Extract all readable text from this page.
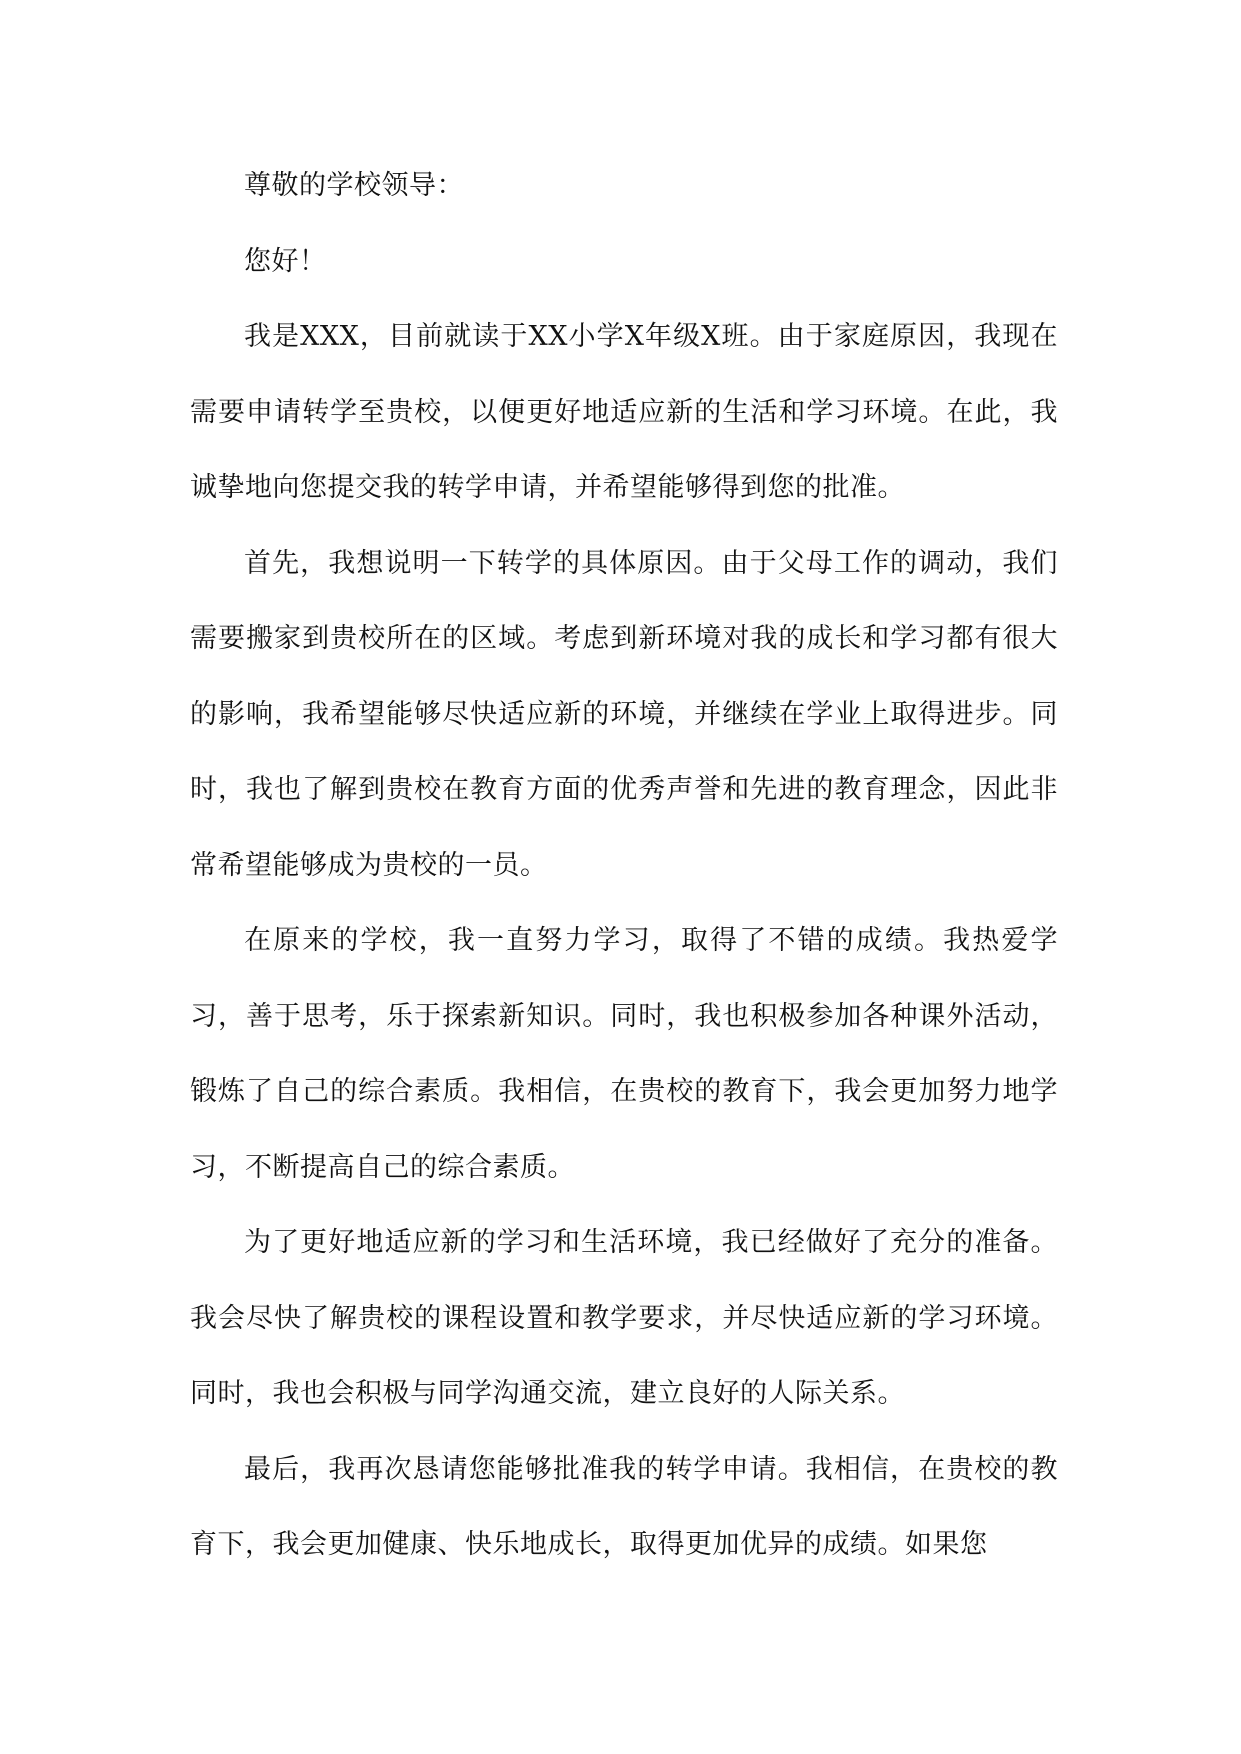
尊敬的学校领导：

您好！

我是XXX，目前就读于XX小学X年级X班。由于家庭原因，我现在需要申请转学至贵校，以便更好地适应新的生活和学习环境。在此，我诚挚地向您提交我的转学申请，并希望能够得到您的批准。

首先，我想说明一下转学的具体原因。由于父母工作的调动，我们需要搬家到贵校所在的区域。考虑到新环境对我的成长和学习都有很大的影响，我希望能够尽快适应新的环境，并继续在学业上取得进步。同时，我也了解到贵校在教育方面的优秀声誉和先进的教育理念，因此非常希望能够成为贵校的一员。

在原来的学校，我一直努力学习，取得了不错的成绩。我热爱学习，善于思考，乐于探索新知识。同时，我也积极参加各种课外活动，锻炼了自己的综合素质。我相信，在贵校的教育下，我会更加努力地学习，不断提高自己的综合素质。

为了更好地适应新的学习和生活环境，我已经做好了充分的准备。我会尽快了解贵校的课程设置和教学要求，并尽快适应新的学习环境。同时，我也会积极与同学沟通交流，建立良好的人际关系。

最后，我再次恳请您能够批准我的转学申请。我相信，在贵校的教育下，我会更加健康、快乐地成长，取得更加优异的成绩。如果您
